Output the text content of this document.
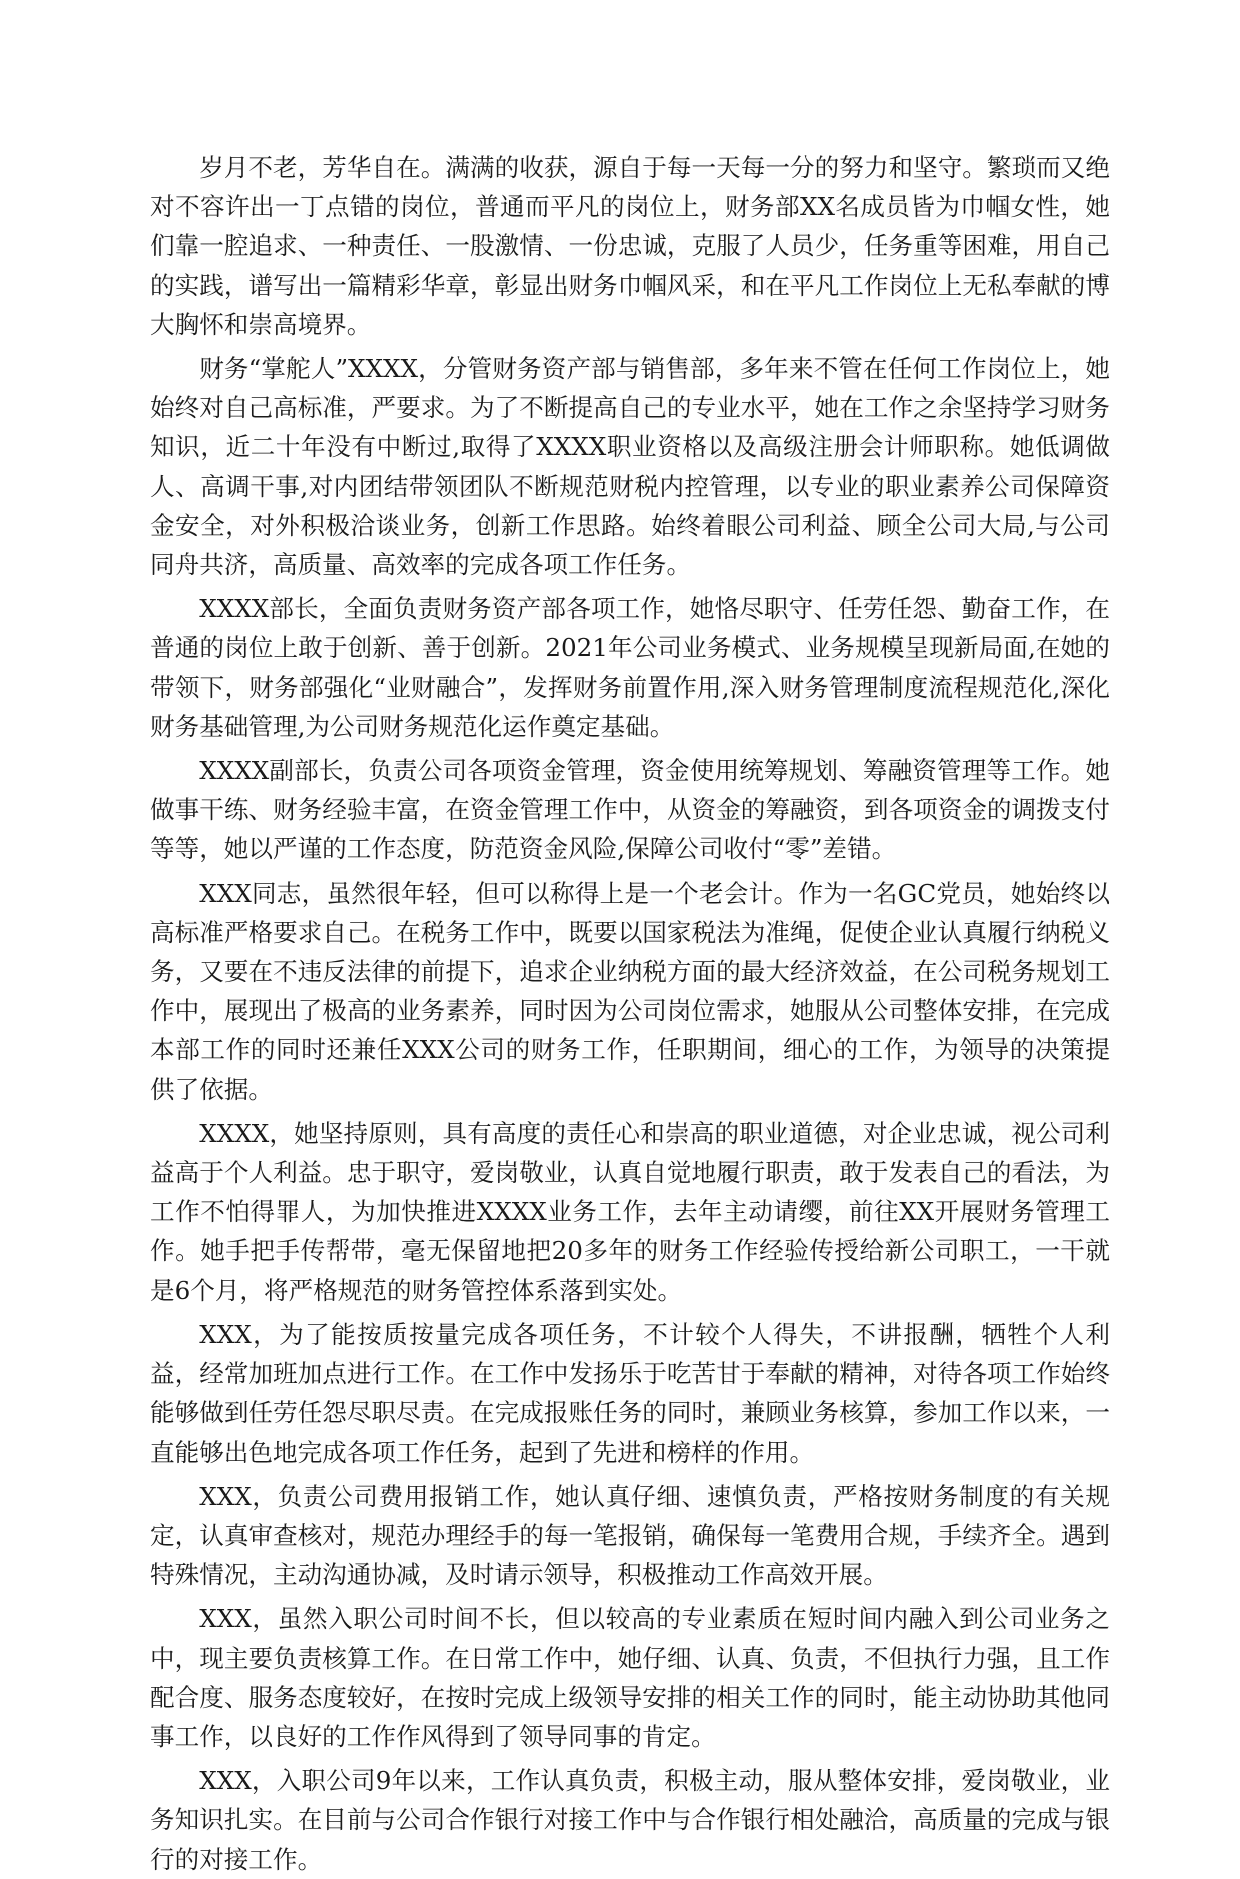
岁月不老，芳华自在。满满的收获，源自于每一天每一分的努力和坚守。繁琐而又绝对不容许出一丁点错的岗位，普通而平凡的岗位上，财务部XX名成员皆为巾帼女性，她们靠一腔追求、一种责任、一股激情、一份忠诚，克服了人员少，任务重等困难，用自己的实践，谱写出一篇精彩华章，彰显出财务巾帼风采，和在平凡工作岗位上无私奉献的博大胸怀和崇高境界。

财务“掌舵人”XXXX，分管财务资产部与销售部，多年来不管在任何工作岗位上，她始终对自己高标准，严要求。为了不断提高自己的专业水平，她在工作之余坚持学习财务知识，近二十年没有中断过,取得了XXXX职业资格以及高级注册会计师职称。她低调做人、高调干事,对内团结带领团队不断规范财税内控管理，以专业的职业素养公司保障资金安全，对外积极洽谈业务，创新工作思路。始终着眼公司利益、顾全公司大局,与公司同舟共济，高质量、高效率的完成各项工作任务。

XXXX部长，全面负责财务资产部各项工作，她恪尽职守、任劳任怨、勤奋工作，在普通的岗位上敢于创新、善于创新。2021年公司业务模式、业务规模呈现新局面,在她的带领下，财务部强化“业财融合”，发挥财务前置作用,深入财务管理制度流程规范化,深化财务基础管理,为公司财务规范化运作奠定基础。

XXXX副部长，负责公司各项资金管理，资金使用统筹规划、筹融资管理等工作。她做事干练、财务经验丰富，在资金管理工作中，从资金的筹融资，到各项资金的调拨支付等等，她以严谨的工作态度，防范资金风险,保障公司收付“零”差错。

XXX同志，虽然很年轻，但可以称得上是一个老会计。作为一名GC党员，她始终以高标准严格要求自己。在税务工作中，既要以国家税法为准绳，促使企业认真履行纳税义务，又要在不违反法律的前提下，追求企业纳税方面的最大经济效益，在公司税务规划工作中，展现出了极高的业务素养，同时因为公司岗位需求，她服从公司整体安排，在完成本部工作的同时还兼任XXX公司的财务工作，任职期间，细心的工作，为领导的决策提供了依据。

XXXX，她坚持原则，具有高度的责任心和崇高的职业道德，对企业忠诚，视公司利益高于个人利益。忠于职守，爱岗敬业，认真自觉地履行职责，敢于发表自己的看法，为工作不怕得罪人，为加快推进XXXX业务工作，去年主动请缨，前往XX开展财务管理工作。她手把手传帮带，毫无保留地把20多年的财务工作经验传授给新公司职工，一干就是6个月，将严格规范的财务管控体系落到实处。

XXX，为了能按质按量完成各项任务，不计较个人得失，不讲报酬，牺牲个人利益，经常加班加点进行工作。在工作中发扬乐于吃苦甘于奉献的精神，对待各项工作始终能够做到任劳任怨尽职尽责。在完成报账任务的同时，兼顾业务核算，参加工作以来，一直能够出色地完成各项工作任务，起到了先进和榜样的作用。

XXX，负责公司费用报销工作，她认真仔细、速慎负责，严格按财务制度的有关规定，认真审查核对，规范办理经手的每一笔报销，确保每一笔费用合规，手续齐全。遇到特殊情况，主动沟通协减，及时请示领导，积极推动工作高效开展。

XXX，虽然入职公司时间不长，但以较高的专业素质在短时间内融入到公司业务之中，现主要负责核算工作。在日常工作中，她仔细、认真、负责，不但执行力强，且工作配合度、服务态度较好，在按时完成上级领导安排的相关工作的同时，能主动协助其他同事工作，以良好的工作作风得到了领导同事的肯定。

XXX，入职公司9年以来，工作认真负责，积极主动，服从整体安排，爱岗敬业，业务知识扎实。在目前与公司合作银行对接工作中与合作银行相处融洽，高质量的完成与银行的对接工作。
